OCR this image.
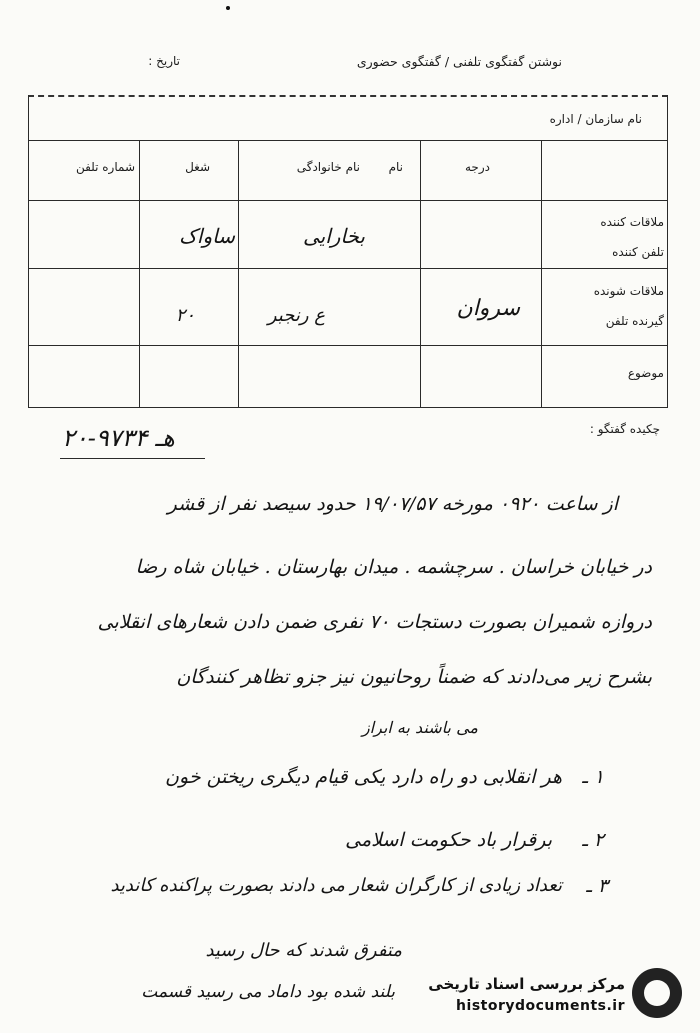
نوشتن گفتگوی تلفنی / گفتگوی حضوری
تاریخ :
نام سازمان / اداره
درجه
نام
نام خانوادگی
شغل
شماره تلفن
ملاقات کننده
تلفن کننده
ملاقات شونده
گیرنده تلفن
موضوع
بخارایی
ساواک
سروان
ع رنجبر
۲۰
چکیده گفتگو :
۲۰-۹۷۳۴ هـ
از ساعت ۰۹۲۰ مورخه ۱۹/۰۷/۵۷ حدود سیصد نفر از قشر
در خیابان خراسان . سرچشمه . میدان بهارستان . خیابان شاه رضا
دروازه شمیران بصورت دستجات ۷۰ نفری ضمن دادن شعارهای انقلابی
بشرح زیر می‌دادند که ضمناً روحانیون نیز جزو تظاهر کنندگان
می باشند به ابراز
۱ ـ
هر انقلابی دو راه دارد یکی قیام دیگری ریختن خون
۲ ـ
برقرار باد حکومت اسلامی
۳ ـ
تعداد زیادی از کارگران شعار می دادند بصورت پراکنده کاندید
متفرق شدند که حال رسید
بلند شده بود داماد می رسید قسمت	مرکز بررسی اسناد تاریخی
historydocuments.ir
